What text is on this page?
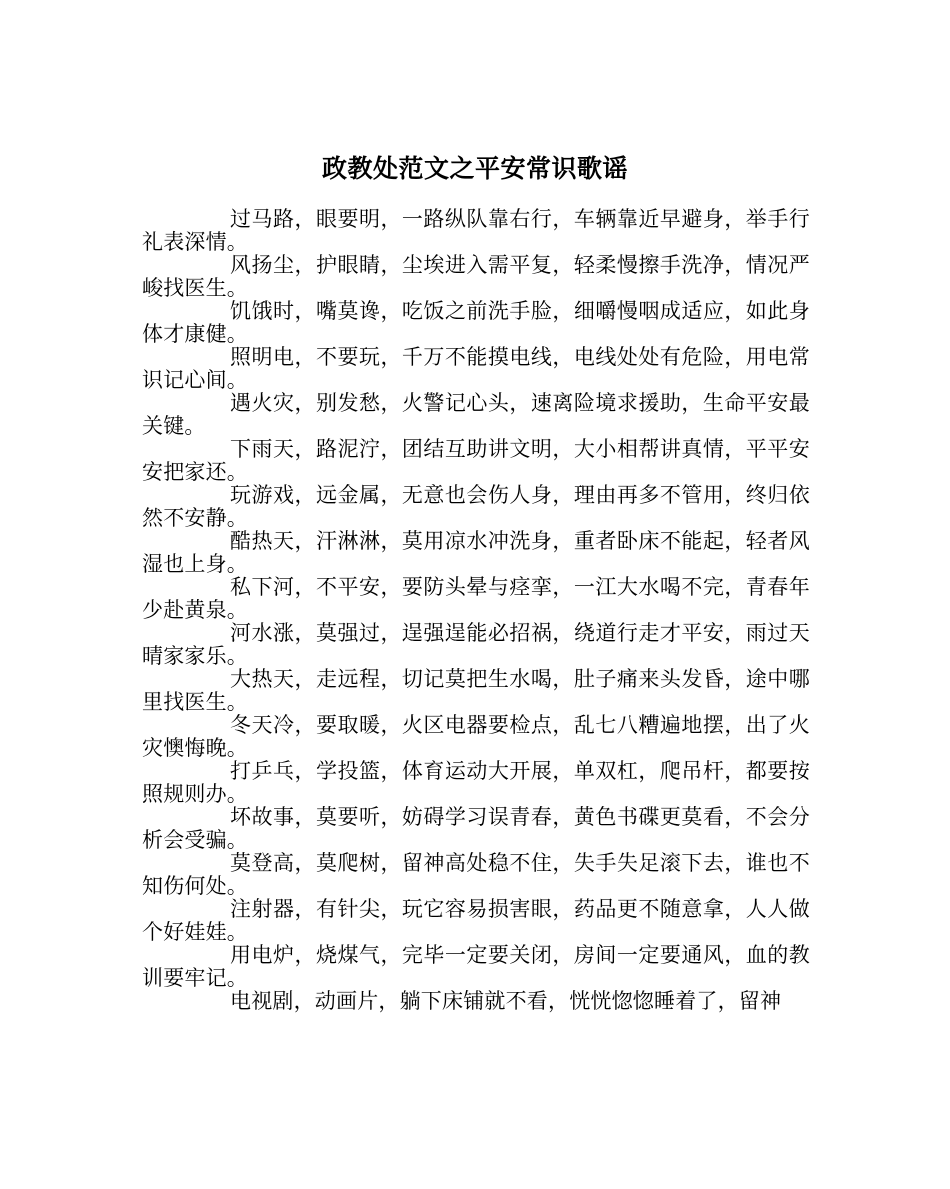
政教处范文之平安常识歌谣

过马路，眼要明，一路纵队靠右行，车辆靠近早避身，举手行礼表深情。

风扬尘，护眼睛，尘埃进入需平复，轻柔慢擦手洗净，情况严峻找医生。

饥饿时，嘴莫谗，吃饭之前洗手脸，细嚼慢咽成适应，如此身体才康健。

照明电，不要玩，千万不能摸电线，电线处处有危险，用电常识记心间。

遇火灾，别发愁，火警记心头，速离险境求援助，生命平安最关键。

下雨天，路泥泞，团结互助讲文明，大小相帮讲真情，平平安安把家还。

玩游戏，远金属，无意也会伤人身，理由再多不管用，终归依然不安静。

酷热天，汗淋淋，莫用凉水冲洗身，重者卧床不能起，轻者风湿也上身。

私下河，不平安，要防头晕与痉挛，一江大水喝不完，青春年少赴黄泉。

河水涨，莫强过，逞强逞能必招祸，绕道行走才平安，雨过天晴家家乐。

大热天，走远程，切记莫把生水喝，肚子痛来头发昏，途中哪里找医生。

冬天冷，要取暖，火区电器要检点，乱七八糟遍地摆，出了火灾懊悔晚。

打乒乓，学投篮，体育运动大开展，单双杠，爬吊杆，都要按照规则办。

坏故事，莫要听，妨碍学习误青春，黄色书碟更莫看，不会分析会受骗。

莫登高，莫爬树，留神高处稳不住，失手失足滚下去，谁也不知伤何处。

注射器，有针尖，玩它容易损害眼，药品更不随意拿，人人做个好娃娃。

用电炉，烧煤气，完毕一定要关闭，房间一定要通风，血的教训要牢记。

电视剧，动画片，躺下床铺就不看，恍恍惚惚睡着了，留神
